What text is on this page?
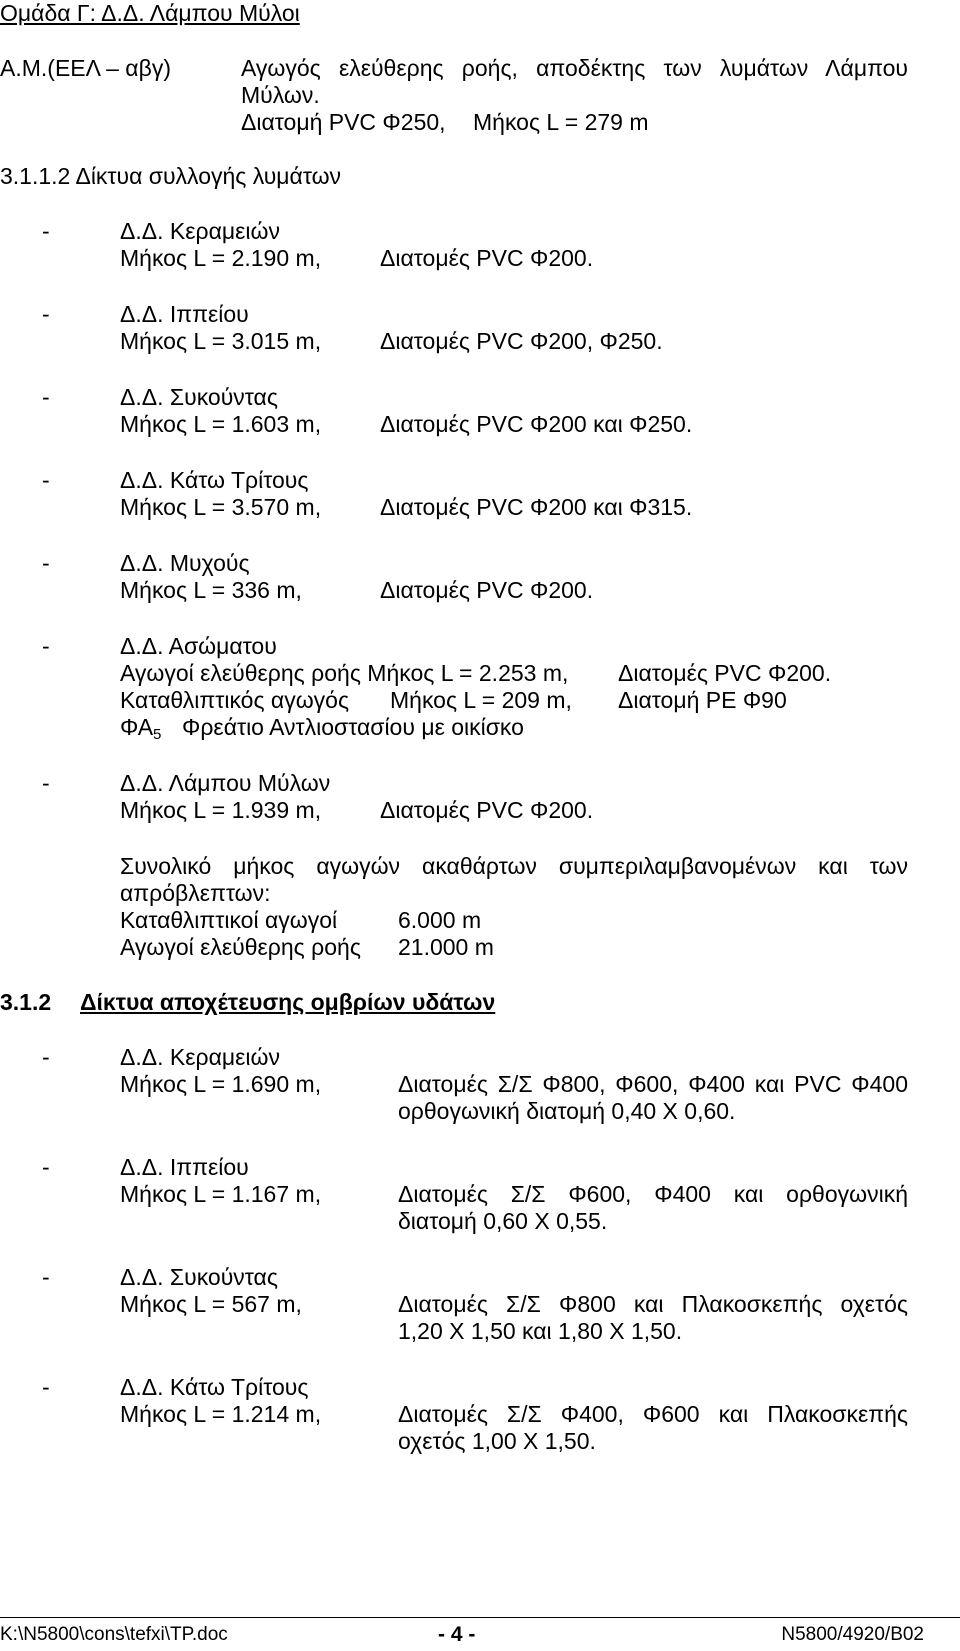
Ομάδα Γ: Δ.Δ. Λάμπου Μύλοι
Α.Μ.(ΕΕΛ – αβγ)	Αγωγός ελεύθερης ροής, αποδέκτης των λυμάτων Λάμπου
Μύλων.
Διατομή PVC Φ250, Μήκος L = 279 m
3.1.1.2 Δίκτυα συλλογής λυμάτων
-	Δ.Δ. Κεραμειών
Μήκος L = 2.190 m,	Διατομές PVC Φ200.
-	Δ.Δ. Ιππείου
Μήκος L = 3.015 m,	Διατομές PVC Φ200, Φ250.
-	Δ.Δ. Συκούντας
Μήκος L = 1.603 m,	Διατομές PVC Φ200 και Φ250.
-	Δ.Δ. Κάτω Τρίτους
Μήκος L = 3.570 m,	Διατομές PVC Φ200 και Φ315.
-	Δ.Δ. Μυχούς
Μήκος L = 336 m,	Διατομές PVC Φ200.
-	Δ.Δ. Ασώματου
Αγωγοί ελεύθερης ροής Μήκος L = 2.253 m, Διατομές PVC Φ200.
Καταθλιπτικός αγωγός Μήκος L = 209 m, Διατομή PE Φ90
$\Phi A_5$ Φρεάτιο Αντλιοστασίου με οικίσκο
-	Δ.Δ. Λάμπου Μύλων
Μήκος L = 1.939 m,	Διατομές PVC Φ200.
Συνολικό μήκος αγωγών ακαθάρτων συμπεριλαμβανομένων και των
απρόβλεπτων:
Καταθλιπτικοί αγωγοί	6.000 m
Αγωγοί ελεύθερης ροής 21.000 m
3.1.2 Δίκτυα αποχέτευσης ομβρίων υδάτων
-	Δ.Δ. Κεραμειών
Μήκος L = 1.690 m,	Διατομές Σ/Σ Φ800, Φ600, Φ400 και PVC Φ400
ορθογωνική διατομή 0,40 Χ 0,60.
-	Δ.Δ. Ιππείου
Μήκος L = 1.167 m,	Διατομές Σ/Σ Φ600, Φ400 και ορθογωνική
διατομή 0,60 Χ 0,55.
-	Δ.Δ. Συκούντας
Μήκος L = 567 m,	Διατομές Σ/Σ Φ800 και Πλακοσκεπής οχετός
1,20 Χ 1,50 και 1,80 Χ 1,50.
-	Δ.Δ. Κάτω Τρίτους
Μήκος L = 1.214 m,	Διατομές Σ/Σ Φ400, Φ600 και Πλακοσκεπής
οχετός 1,00 Χ 1,50.
K:\N5800\cons\tefxi\TP.doc	- 4 -	N5800/4920/B02
